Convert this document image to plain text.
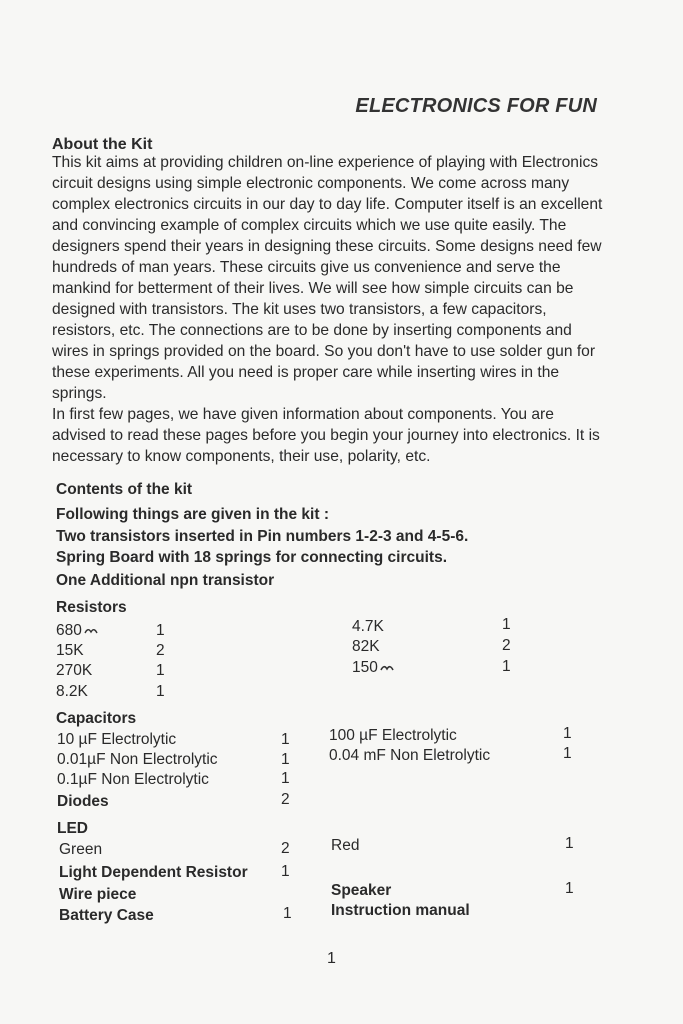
ELECTRONICS FOR FUN
About the Kit

This kit aims at providing children on-line experience of playing with Electronics circuit designs using simple electronic components. We come across many complex electronics circuits in our day to day life. Computer itself is an excellent and convincing example of complex circuits which we use quite easily. The designers spend their years in designing these circuits. Some designs need few hundreds of man years. These circuits give us convenience and serve the mankind for betterment of their lives. We will see how simple circuits can be designed with transistors. The kit uses two transistors, a few capacitors, resistors, etc. The connections are to be done by inserting components and wires in springs provided on the board. So you don't have to use solder gun for these experiments. All you need is proper care while inserting wires in the springs.

In first few pages, we have given information about components. You are advised to read these pages before you begin your journey into electronics. It is necessary to know components, their use, polarity, etc.

Contents of the kit
Following things are given in the kit :
Two transistors inserted in Pin numbers 1-2-3 and 4-5-6.
Spring Board with 18 springs for connecting circuits.
One Additional npn transistor
Resistors
680	1
15K	2
270K	1
8.2K	1
4.7K	1
82K	2
150	1
Capacitors
10 µF Electrolytic	1
0.01µF Non Electrolytic	1
0.1µF Non Electrolytic	1
100 µF Electrolytic	1
0.04 mF Non Eletrolytic	1
Diodes	2
LED
Green	2	Red	1
Light Dependent Resistor 1
Wire piece
Battery Case	1
Speaker	1
Instruction manual
1
